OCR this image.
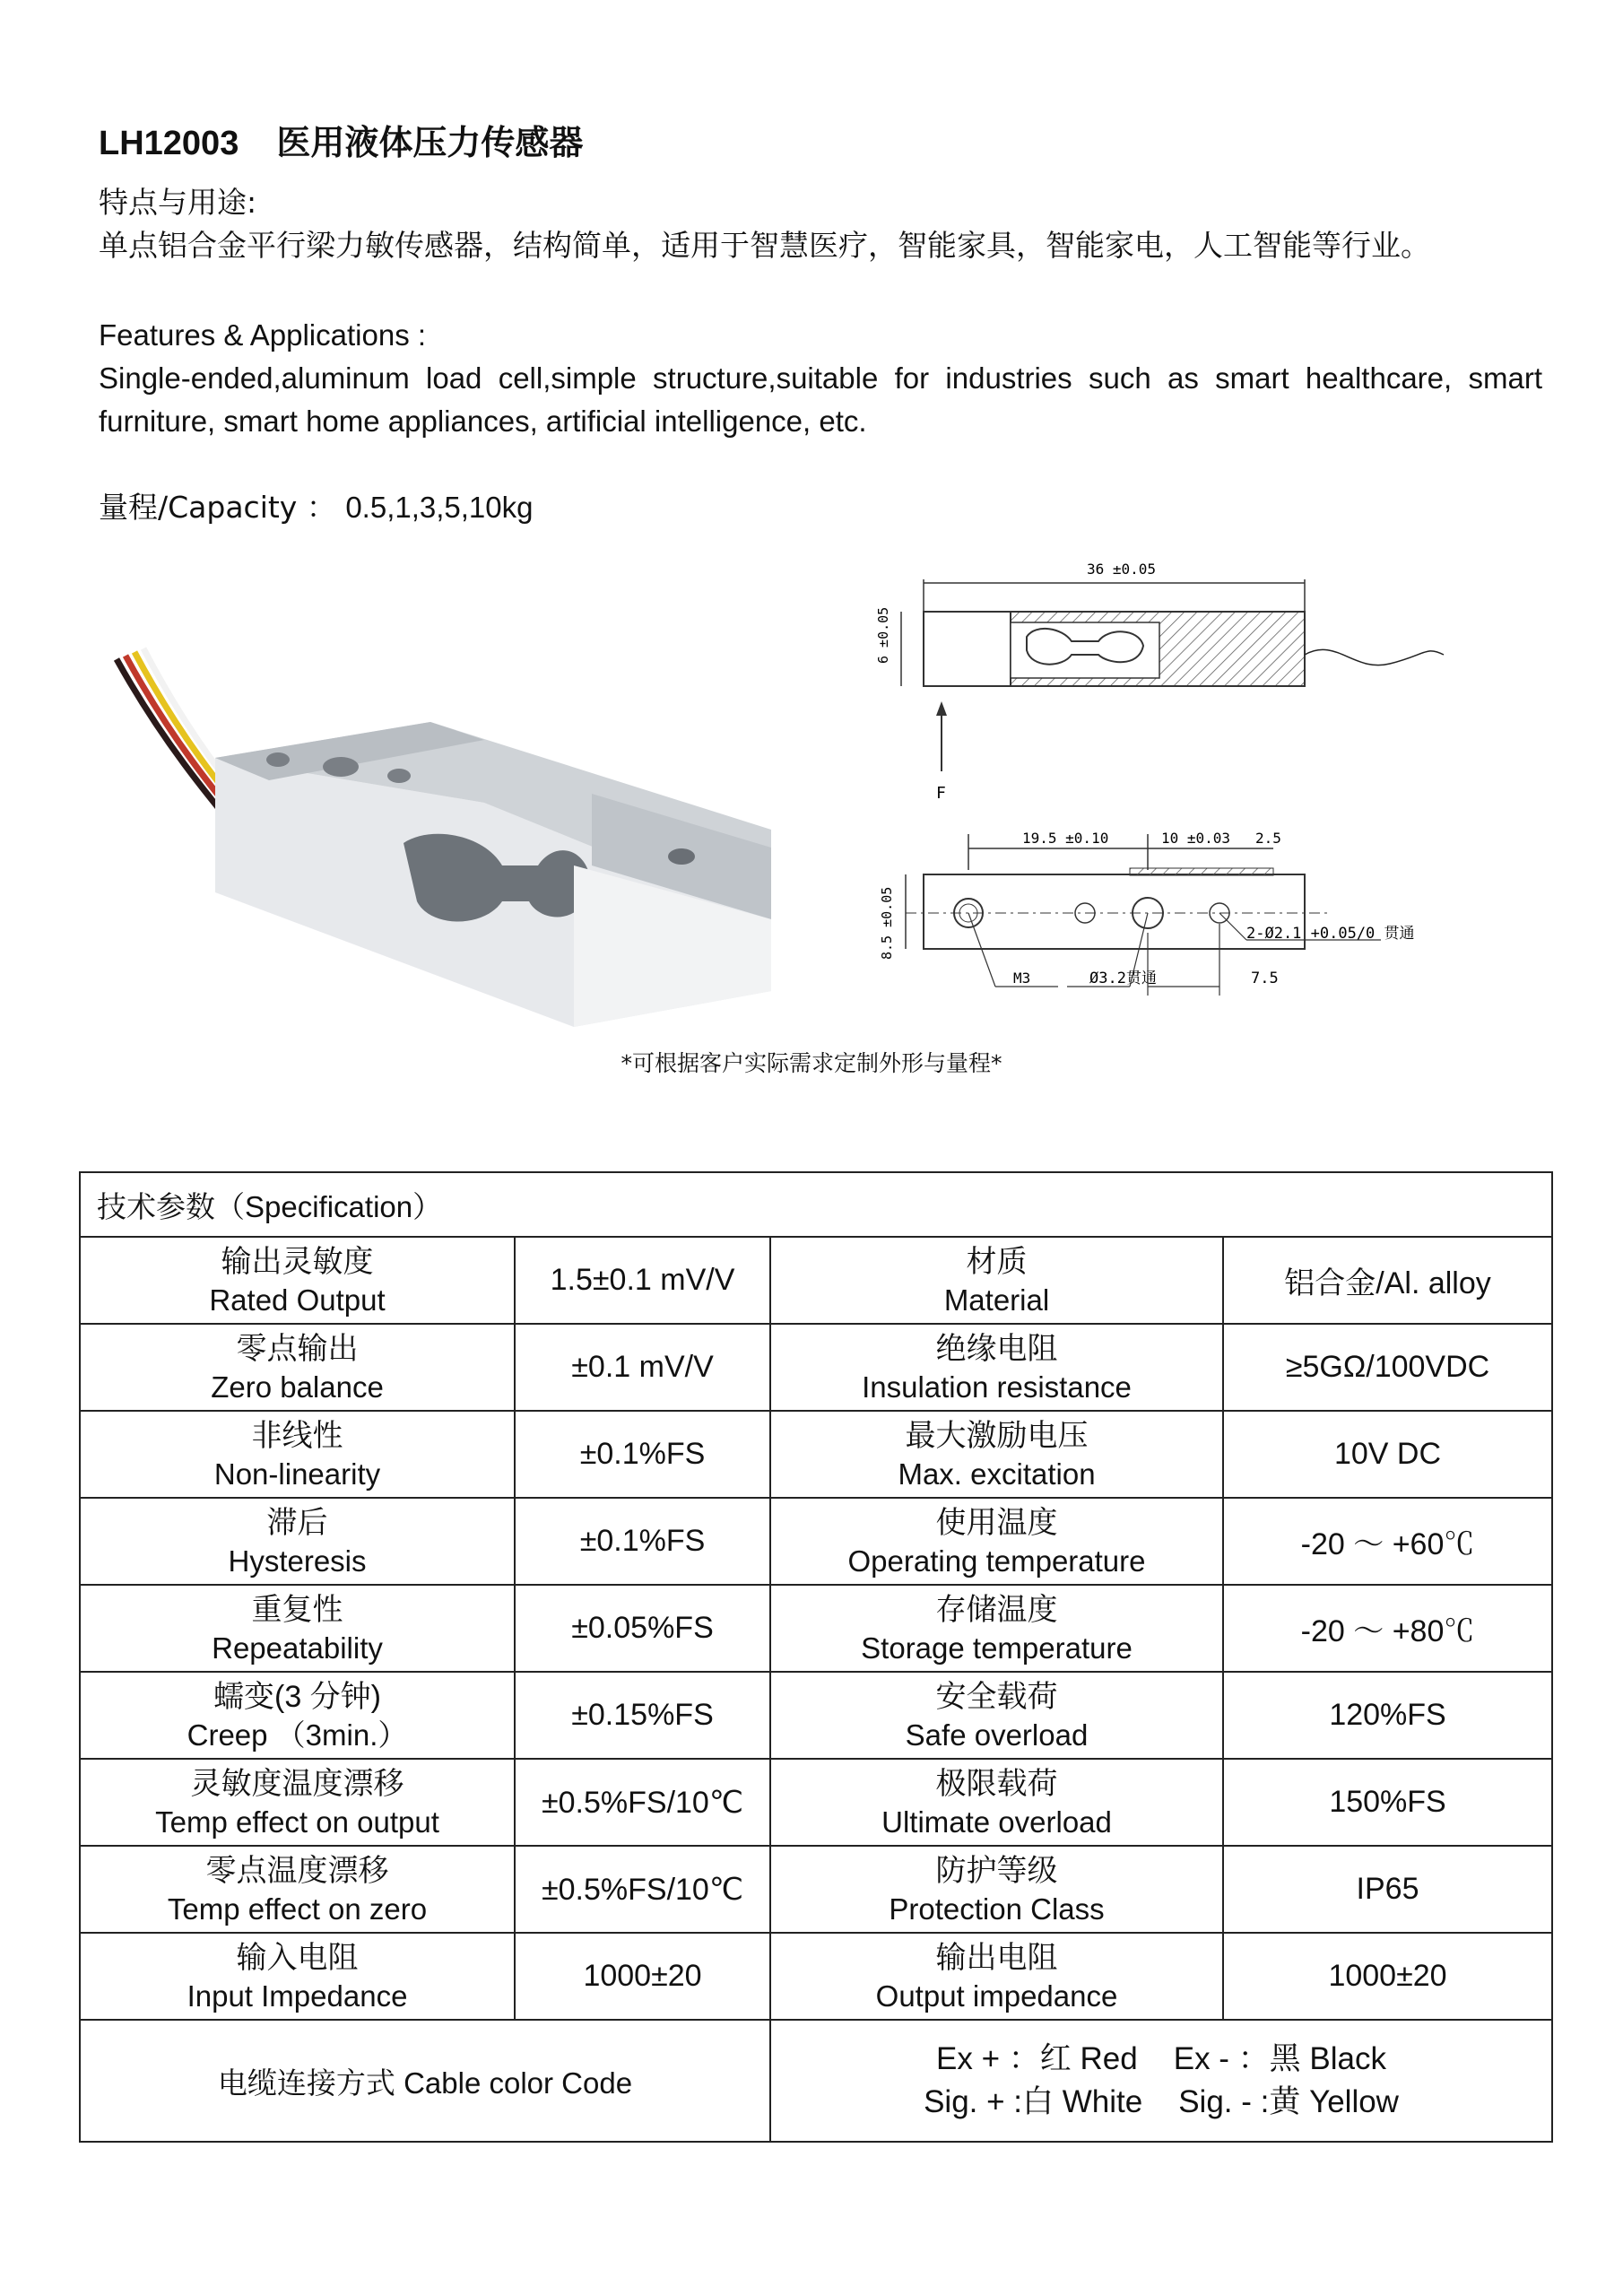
LH12003 医用液体压力传感器
特点与用途:
单点铝合金平行梁力敏传感器，结构简单，适用于智慧医疗，智能家具，智能家电，人工智能等行业。
Features & Applications :
Single-ended,aluminum load cell,simple structure,suitable for industries such as smart healthcare, smart furniture, smart home appliances, artificial intelligence, etc.
量程/Capacity ： 0.5,1,3,5,10kg
36 ±0.05
6 ±0.05
F
19.5 ±0.10	10 ±0.03 2.5
8.5 ±0.05	2-Ø2.1 +0.05/0 贯通
M3	Ø3.2贯通	7.5
*可根据客户实际需求定制外形与量程*
技术参数（Specification）			

输出灵敏度
Rated Output	1.5±0.1 mV/V	材质
Material	铝合金/Al. alloy

零点输出
Zero balance	±0.1 mV/V	绝缘电阻
Insulation resistance	≥5GΩ/100VDC

非线性
Non-linearity	±0.1%FS	最大激励电压
Max. excitation	10V DC

滞后
Hysteresis	±0.1%FS	使用温度
Operating temperature	-20 ～ +60℃

重复性
Repeatability	±0.05%FS	存储温度
Storage temperature	-20 ～ +80℃

蠕变(3 分钟)
Creep （3min.）	±0.15%FS	安全载荷
Safe overload	120%FS

灵敏度温度漂移
Temp effect on output	±0.5%FS/10℃	极限载荷
Ultimate overload	150%FS

零点温度漂移
Temp effect on zero	±0.5%FS/10℃	防护等级
Protection Class	IP65

输入电阻
Input Impedance	1000±20	输出电阻
Output impedance	1000±20
电缆连接方式 Cable color Code		Ex + ：红 Red Ex - ：黑 Black
Sig. + :白 White Sig. - :黄 Yellow	
